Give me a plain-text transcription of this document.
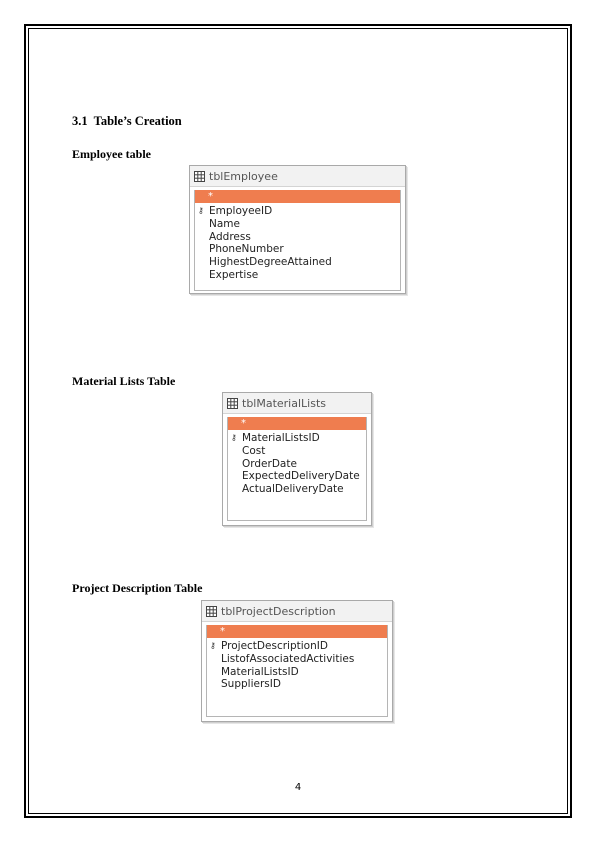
3.1 Table’s Creation
Employee table
tblEmployee
*
⚷ EmployeeID
Name
Address
PhoneNumber
HighestDegreeAttained
Expertise
Material Lists Table
tblMaterialLists
*
⚷ MaterialListsID
Cost
OrderDate
ExpectedDeliveryDate
ActualDeliveryDate
Project Description Table
tblProjectDescription
*
⚷ ProjectDescriptionID
ListofAssociatedActivities
MaterialListsID
SuppliersID
4
